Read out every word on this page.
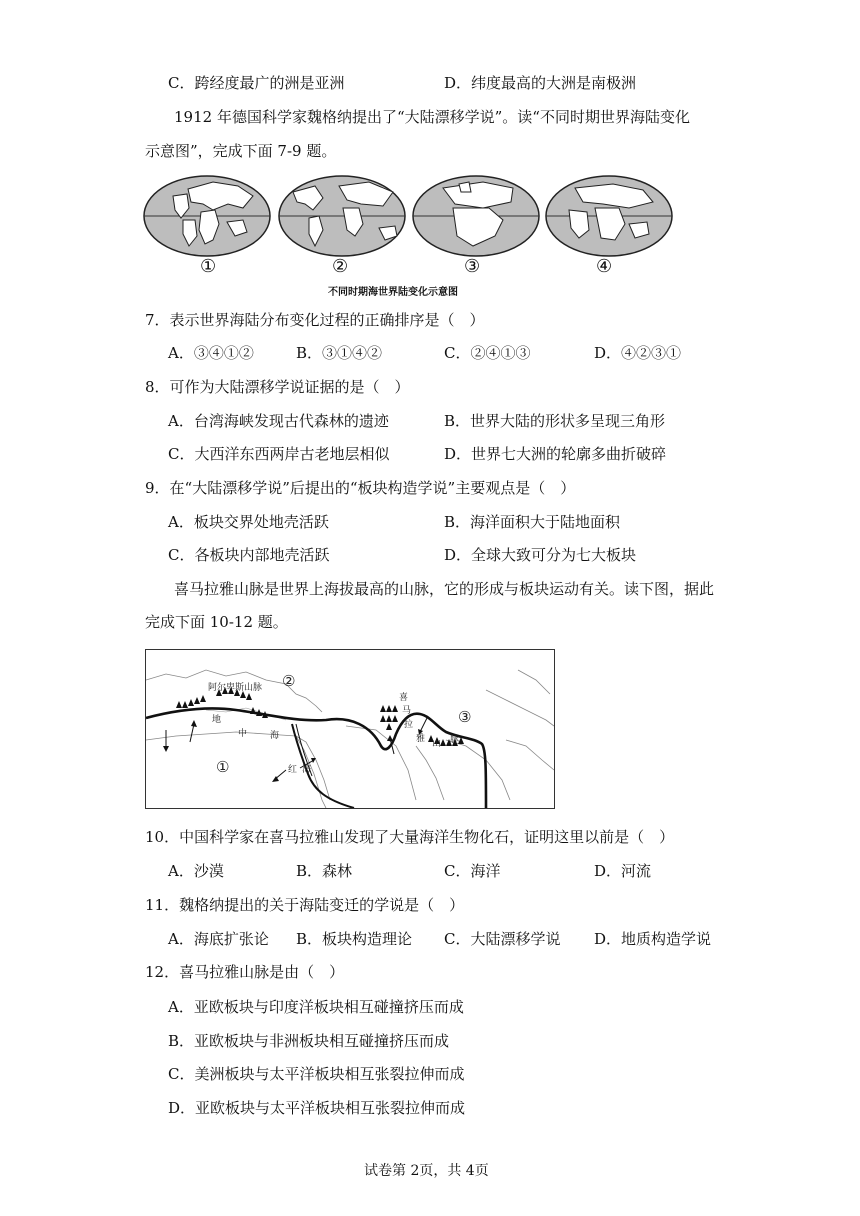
C．跨经度最广的洲是亚洲	D．纬度最高的大洲是南极洲
1912 年德国科学家魏格纳提出了“大陆漂移学说”。读“不同时期世界海陆变化
示意图”，完成下面 7-9 题。
①	②	③	④
不同时期海世界陆变化示意图
7．表示世界海陆分布变化过程的正确排序是（　）
A．③④①②	B．③①④②	C．②④①③	D．④②③①
8．可作为大陆漂移学说证据的是（　）
A．台湾海峡发现古代森林的遗迹	B．世界大陆的形状多呈现三角形
C．大西洋东西两岸古老地层相似	D．世界七大洲的轮廓多曲折破碎
9．在“大陆漂移学说”后提出的“板块构造学说”主要观点是（　）
A．板块交界处地壳活跃	B．海洋面积大于陆地面积
C．各板块内部地壳活跃	D．全球大致可分为七大板块
喜马拉雅山脉是世界上海拔最高的山脉，它的形成与板块运动有关。读下图，据此
完成下面 10-12 题。
阿尔卑斯山脉
地
中	海
喜
马
拉
雅 山 脉
红 海
①
②
③
10．中国科学家在喜马拉雅山发现了大量海洋生物化石，证明这里以前是（　）
A．沙漠	B．森林	C．海洋	D．河流
11．魏格纳提出的关于海陆变迁的学说是（　）
A．海底扩张论 B．板块构造理论 C．大陆漂移学说 D．地质构造学说
12．喜马拉雅山脉是由（　）
A．亚欧板块与印度洋板块相互碰撞挤压而成
B．亚欧板块与非洲板块相互碰撞挤压而成
C．美洲板块与太平洋板块相互张裂拉伸而成
D．亚欧板块与太平洋板块相互张裂拉伸而成
试卷第 2页，共 4页
